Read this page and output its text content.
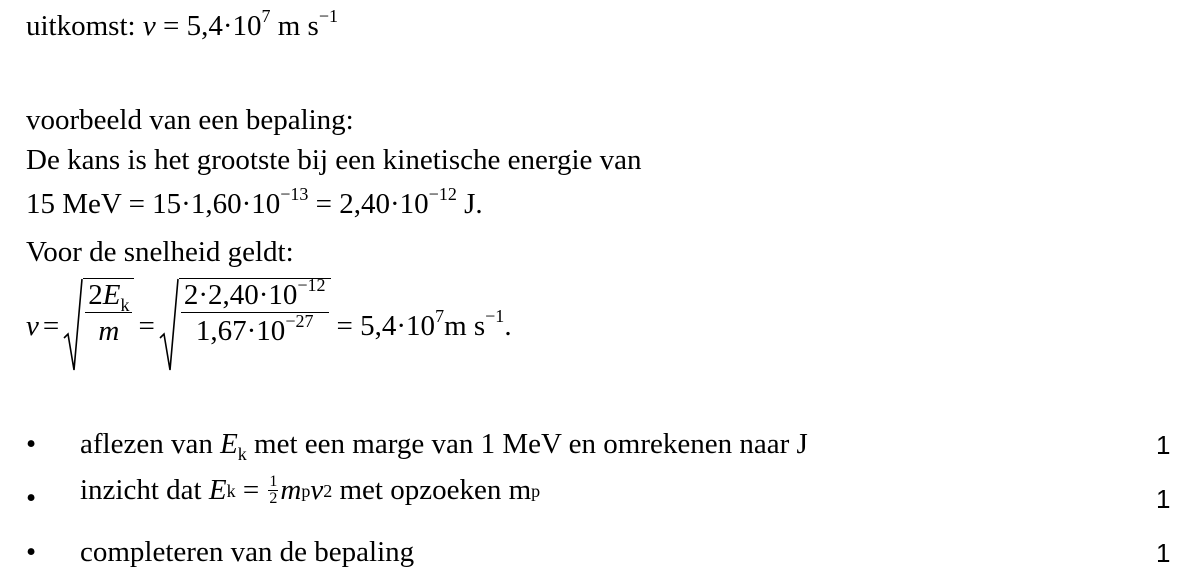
uitkomst: $v = 5,4\cdot 10^7$ m $s^{-1}$
voorbeeld van een bepaling:
De kans is het grootste bij een kinetische energie van
15 MeV = $15\cdot 1,60\cdot 10^{-13} = 2,40\cdot 10^{-12}$ J.
Voor de snelheid geldt:
$v = \frac{2E_k}{m} = \frac{2\cdot 2,40\cdot 10^{-12}}{1,67\cdot 10^{-27}} = 5,4\cdot 10^7m$ $s^{-1}$.
• aflezen van $E_k$ met een marge van 1 MeV en omrekenen naar J	1
• inzicht dat E $k = \frac{1}{2}$ m p v 2 met opzoeken m p	1
• completeren van de bepaling	1
